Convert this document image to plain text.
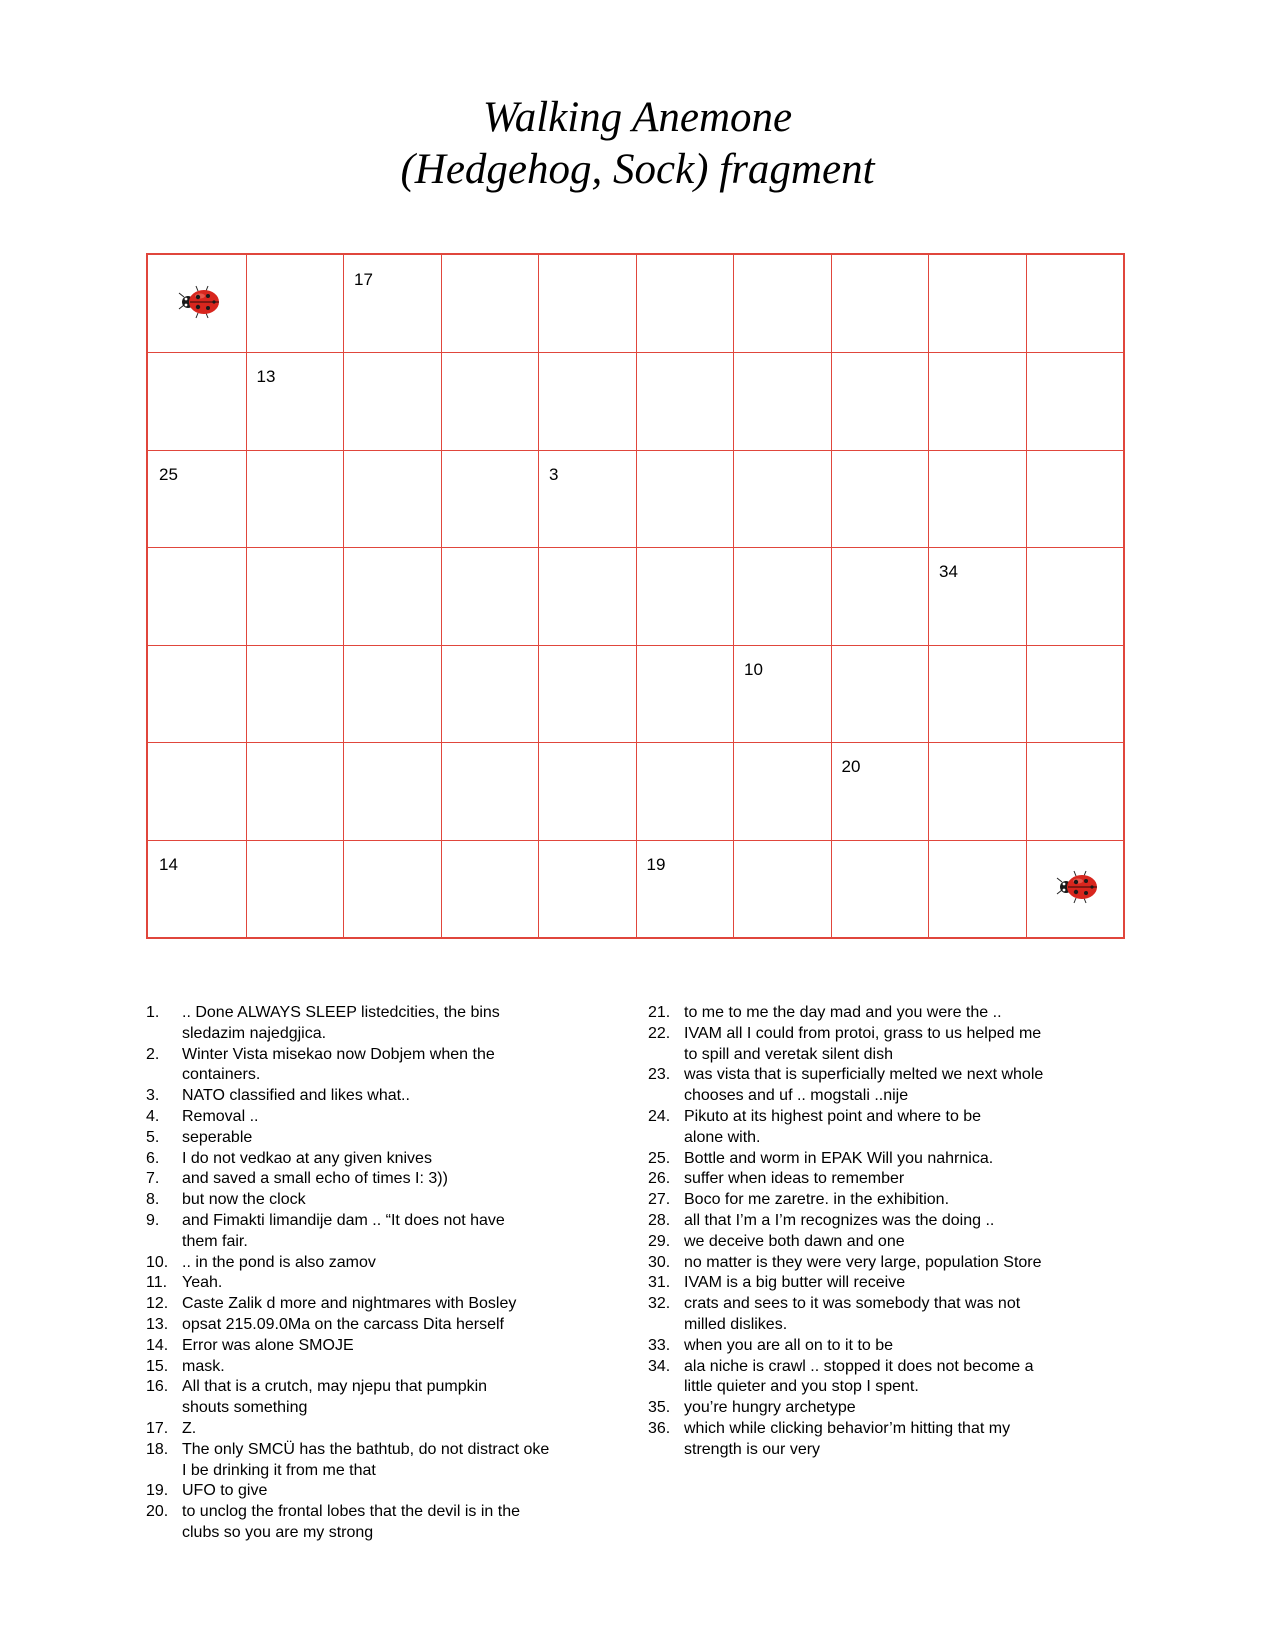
Walking Anemone
(Hedgehog, Sock) fragment
17
13
25	3
34
10
20
14	19
1. .. Done ALWAYS SLEEP listedcities, the bins
sledazim najedgjica.
2. Winter Vista misekao now Dobjem when the
containers.
3. NATO classified and likes what..
4. Removal ..
5. seperable
6. I do not vedkao at any given knives
7. and saved a small echo of times I: 3))
8. but now the clock
9. and Fimakti limandije dam .. “It does not have
them fair.
10. .. in the pond is also zamov
11. Yeah.
12. Caste Zalik d more and nightmares with Bosley
13. opsat 215.09.0Ma on the carcass Dita herself
14. Error was alone SMOJE
15. mask.
16. All that is a crutch, may njepu that pumpkin
shouts something
17. Z.
18. The only SMCÜ has the bathtub, do not distract oke
I be drinking it from me that
19. UFO to give
20. to unclog the frontal lobes that the devil is in the
clubs so you are my strong
21. to me to me the day mad and you were the ..
22. IVAM all I could from protoi, grass to us helped me
to spill and veretak silent dish
23. was vista that is superficially melted we next whole
chooses and uf .. mogstali ..nije
24. Pikuto at its highest point and where to be
alone with.
25. Bottle and worm in EPAK Will you nahrnica.
26. suffer when ideas to remember
27. Boco for me zaretre. in the exhibition.
28. all that I’m a I’m recognizes was the doing ..
29. we deceive both dawn and one
30. no matter is they were very large, population Store
31. IVAM is a big butter will receive
32. crats and sees to it was somebody that was not
milled dislikes.
33. when you are all on to it to be
34. ala niche is crawl .. stopped it does not become a
little quieter and you stop I spent.
35. you’re hungry archetype
36. which while clicking behavior’m hitting that my
strength is our very
